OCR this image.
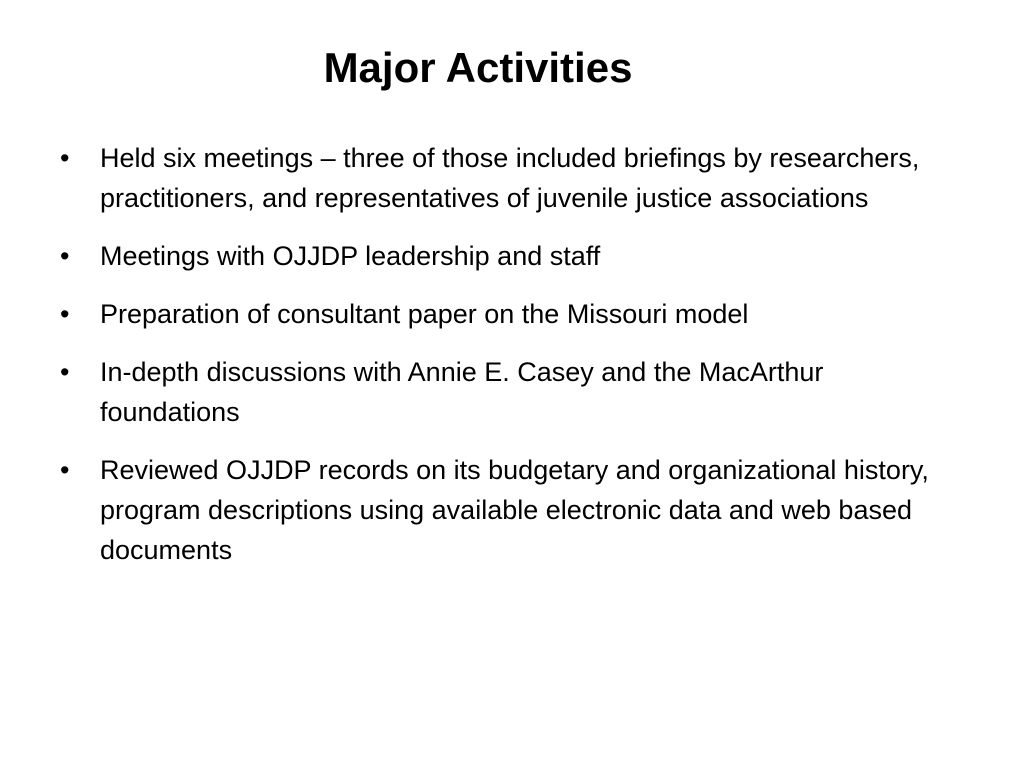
Major Activities
•	Held six meetings – three of those included briefings by researchers, practitioners, and representatives of juvenile justice associations
•	Meetings with OJJDP leadership and staff
•	Preparation of consultant paper on the Missouri model
•	In-depth discussions with Annie E. Casey and the MacArthur foundations
•	Reviewed OJJDP records on its budgetary and organizational history, program descriptions using available electronic data and web based documents
